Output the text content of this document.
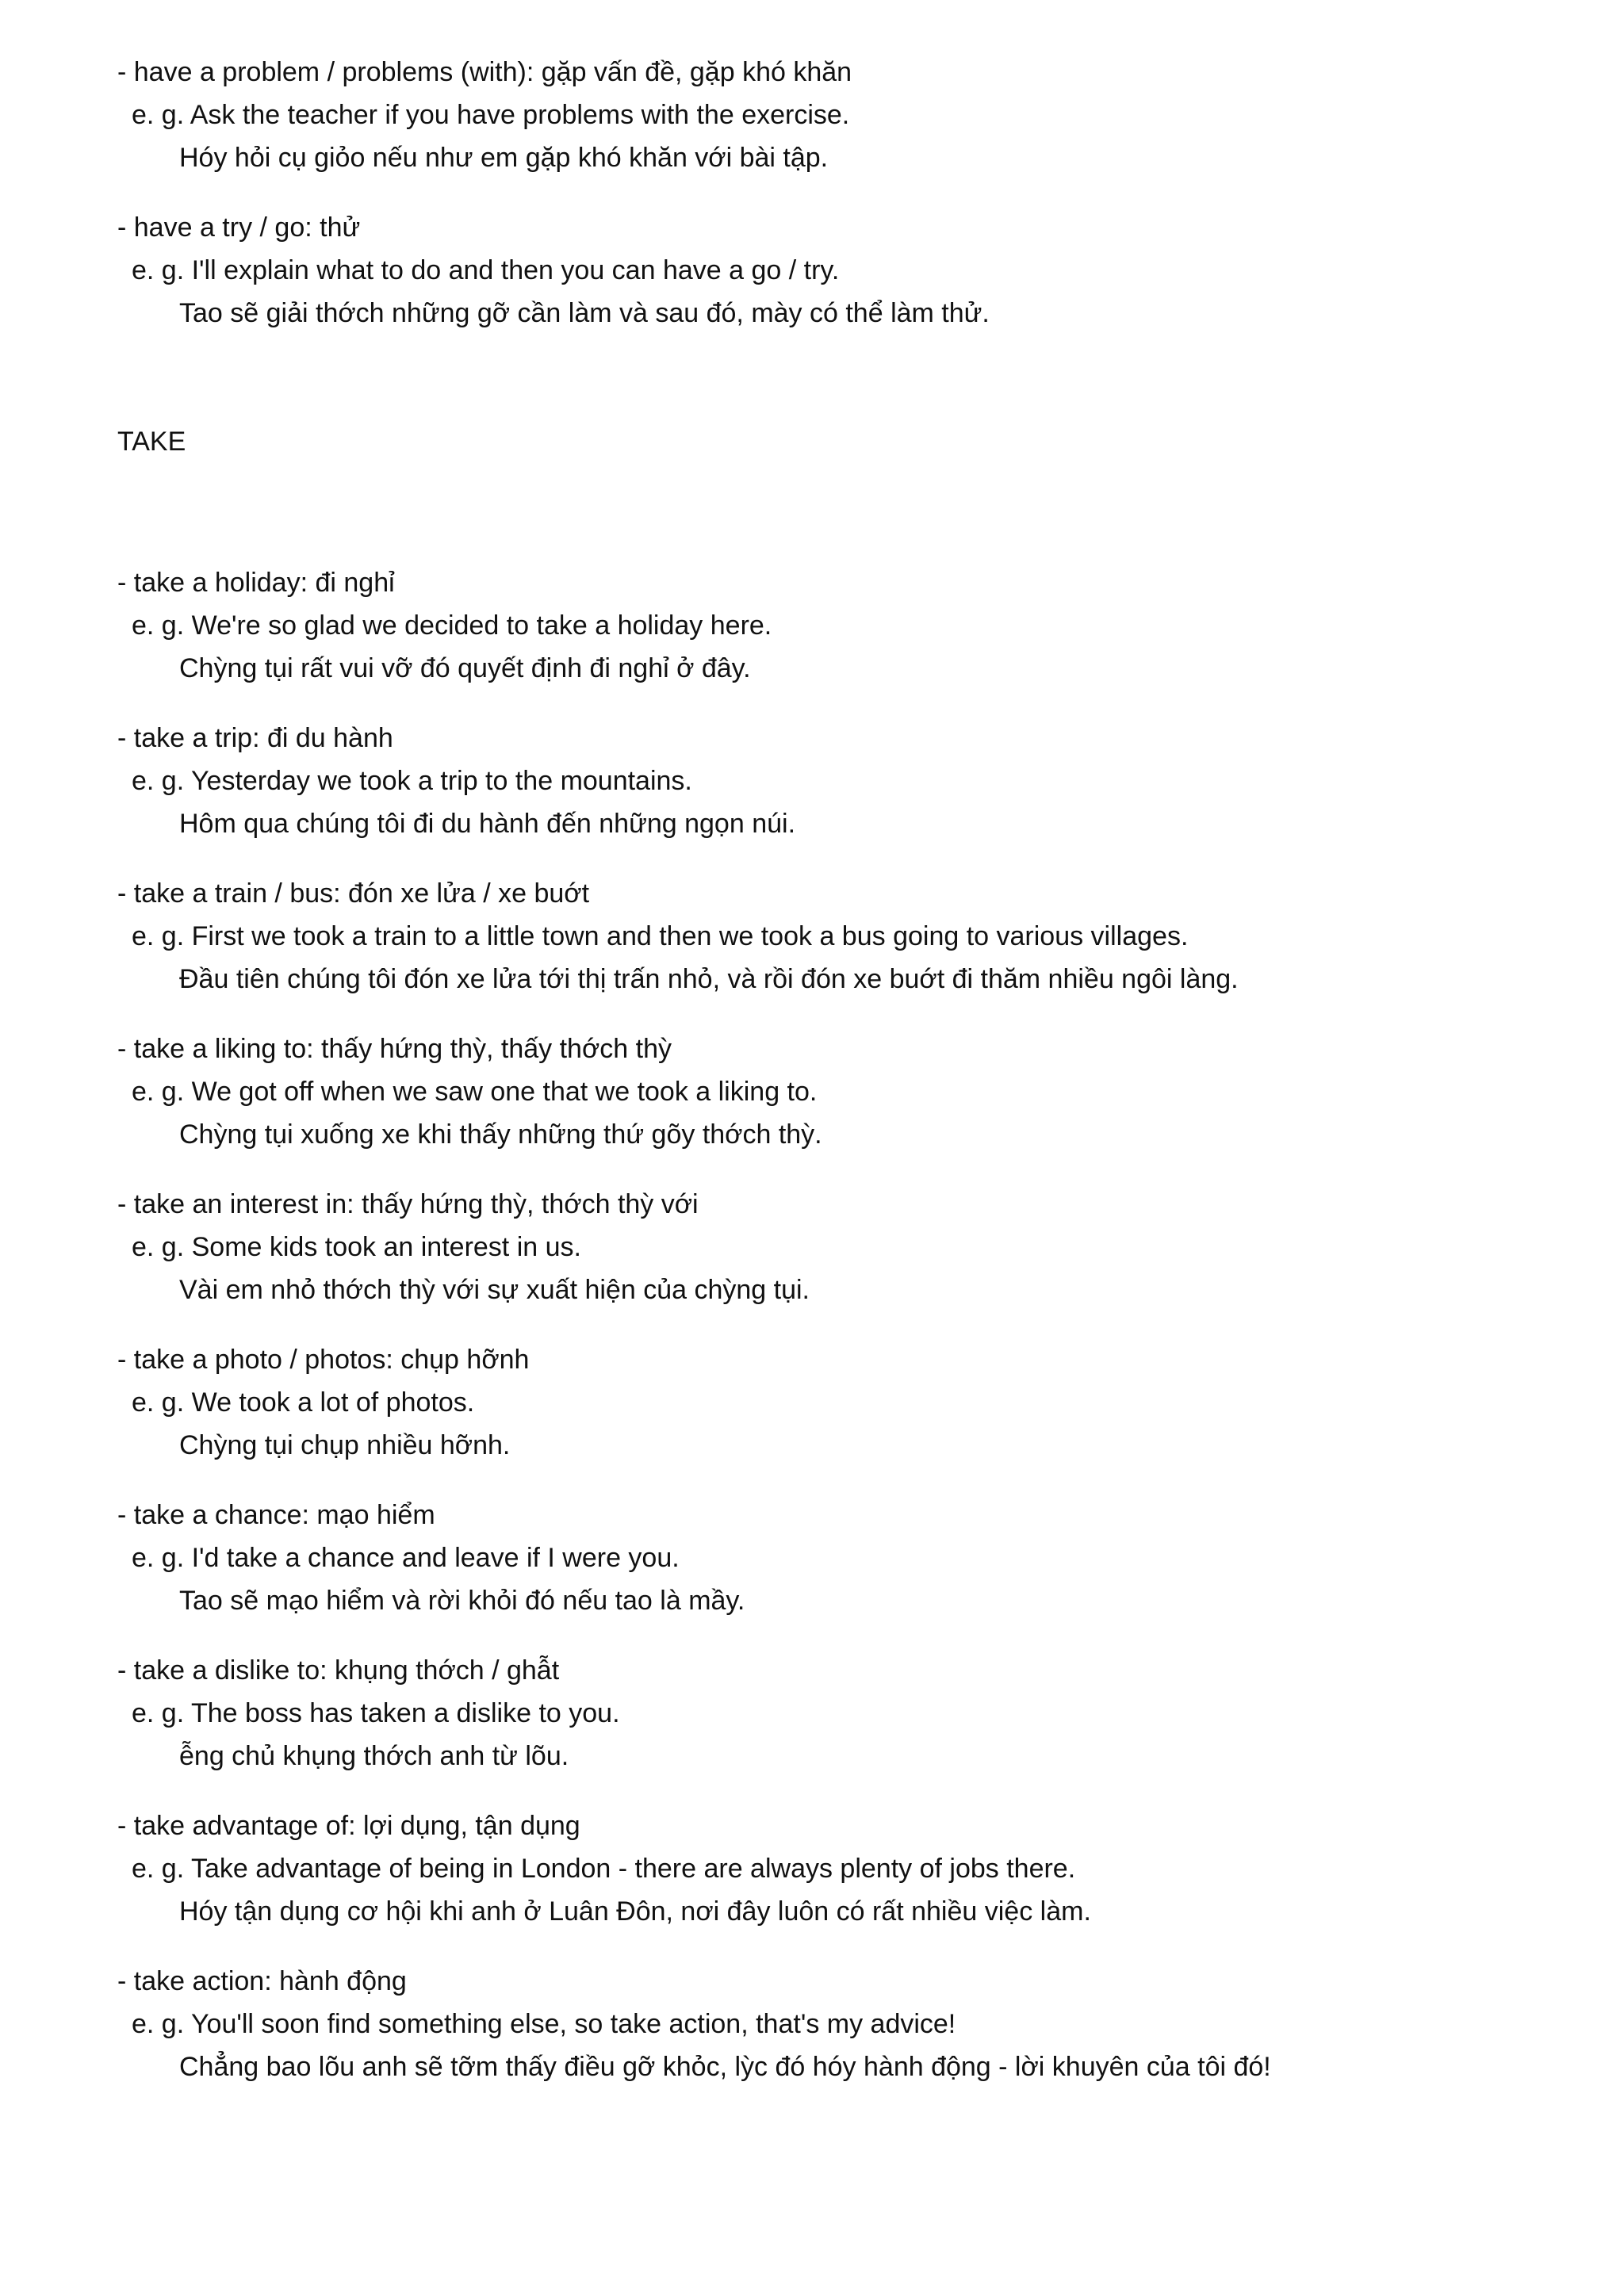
- have a problem / problems (with): gặp vấn đề, gặp khó khăn
e. g. Ask the teacher if you have problems with the exercise.
Hóy hỏi cụ giỏo nếu như em gặp khó khăn với bài tập.
- have a try / go: thử
e. g. I'll explain what to do and then you can have a go / try.
Tao sẽ giải thớch những gỡ cần làm và sau đó, mày có thể làm thử.
TAKE
- take a holiday: đi nghỉ
e. g. We're so glad we decided to take a holiday here.
Chỳng tụi rất vui vỡ đó quyết định đi nghỉ ở đây.
- take a trip: đi du hành
e. g. Yesterday we took a trip to the mountains.
Hôm qua chúng tôi đi du hành đến những ngọn núi.
- take a train / bus: đón xe lửa / xe buớt
e. g. First we took a train to a little town and then we took a bus going to various villages.
Đầu tiên chúng tôi đón xe lửa tới thị trấn nhỏ, và rồi đón xe buớt đi thăm nhiều ngôi làng.
- take a liking to: thấy hứng thỳ, thấy thớch thỳ
e. g. We got off when we saw one that we took a liking to.
Chỳng tụi xuống xe khi thấy những thứ gõy thớch thỳ.
- take an interest in: thấy hứng thỳ, thớch thỳ với
e. g. Some kids took an interest in us.
Vài em nhỏ thớch thỳ với sự xuất hiện của chỳng tụi.
- take a photo / photos: chụp hỡnh
e. g. We took a lot of photos.
Chỳng tụi chụp nhiều hỡnh.
- take a chance: mạo hiểm
e. g. I'd take a chance and leave if I were you.
Tao sẽ mạo hiểm và rời khỏi đó nếu tao là mầy.
- take a dislike to: khụng thớch / ghẫt
e. g. The boss has taken a dislike to you.
ễng chủ khụng thớch anh từ lõu.
- take advantage of: lợi dụng, tận dụng
e. g. Take advantage of being in London - there are always plenty of jobs there.
Hóy tận dụng cơ hội khi anh ở Luân Đôn, nơi đây luôn có rất nhiều việc làm.
- take action: hành động
e. g. You'll soon find something else, so take action, that's my advice!
Chẳng bao lõu anh sẽ tỡm thấy điều gỡ khỏc, lỳc đó hóy hành động - lời khuyên của tôi đó!
